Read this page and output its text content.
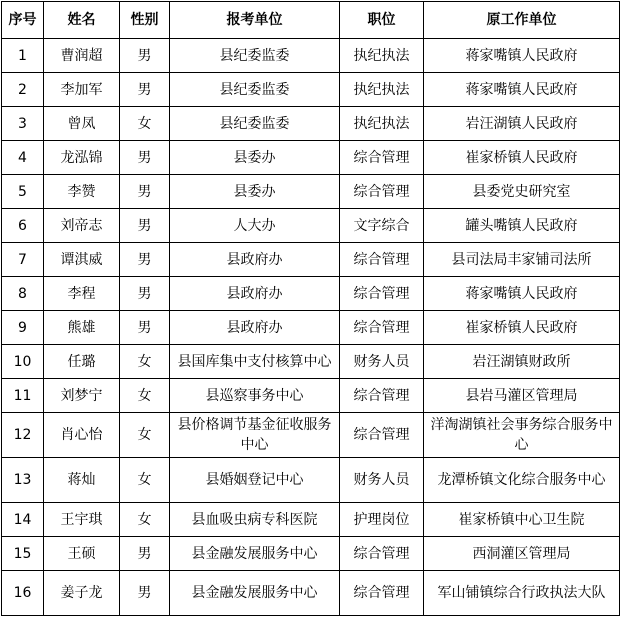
序号	姓名	性别	报考单位	职位	原工作单位
1	曹润超	男	县纪委监委	执纪执法	蒋家嘴镇人民政府
2	李加军	男	县纪委监委	执纪执法	蒋家嘴镇人民政府
3	曾凤	女	县纪委监委	执纪执法	岩汪湖镇人民政府
4	龙泓锦	男	县委办	综合管理	崔家桥镇人民政府
5	李赞	男	县委办	综合管理	县委党史研究室
6	刘帝志	男	人大办	文字综合	罐头嘴镇人民政府
7	谭淇威	男	县政府办	综合管理	县司法局丰家铺司法所
8	李程	男	县政府办	综合管理	蒋家嘴镇人民政府
9	熊雄	男	县政府办	综合管理	崔家桥镇人民政府
10	任璐	女	县国库集中支付核算中心	财务人员	岩汪湖镇财政所
11	刘梦宁	女	县巡察事务中心	综合管理	县岩马灌区管理局
12	肖心怡	女	县价格调节基金征收服务中心	综合管理	洋淘湖镇社会事务综合服务中心
13	蒋灿	女	县婚姻登记中心	财务人员	龙潭桥镇文化综合服务中心
14	王宇琪	女	县血吸虫病专科医院	护理岗位	崔家桥镇中心卫生院
15	王硕	男	县金融发展服务中心	综合管理	西洞灌区管理局
16	姜子龙	男	县金融发展服务中心	综合管理	军山铺镇综合行政执法大队
